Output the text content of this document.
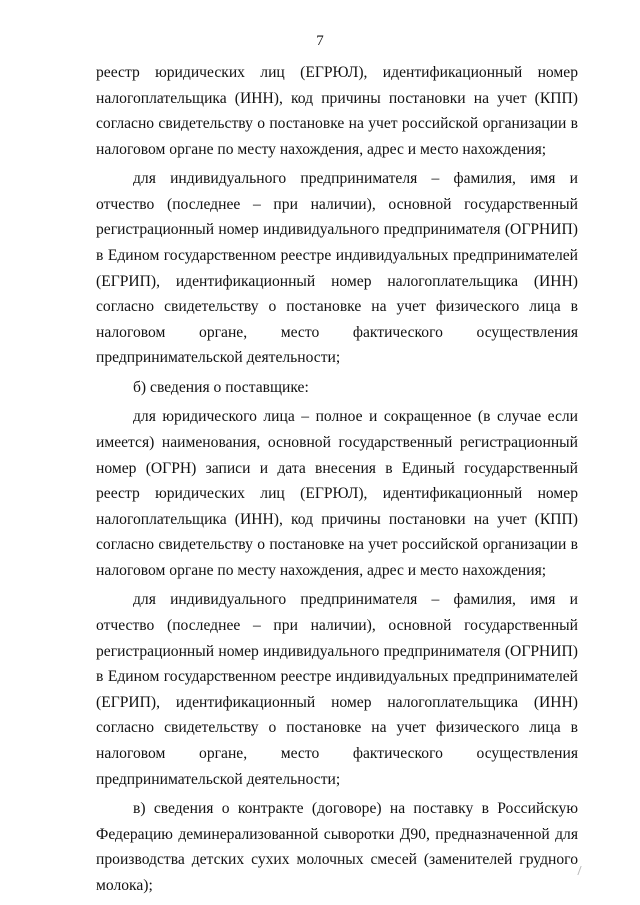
7

реестр юридических лиц (ЕГРЮЛ), идентификационный номер налогоплательщика (ИНН), код причины постановки на учет (КПП) согласно свидетельству о постановке на учет российской организации в налоговом органе по месту нахождения, адрес и место нахождения;

для индивидуального предпринимателя – фамилия, имя и отчество (последнее – при наличии), основной государственный регистрационный номер индивидуального предпринимателя (ОГРНИП) в Едином государственном реестре индивидуальных предпринимателей (ЕГРИП), идентификационный номер налогоплательщика (ИНН) согласно свидетельству о постановке на учет физического лица в налоговом органе, место фактического осуществления предпринимательской деятельности;

б) сведения о поставщике:

для юридического лица – полное и сокращенное (в случае если имеется) наименования, основной государственный регистрационный номер (ОГРН) записи и дата внесения в Единый государственный реестр юридических лиц (ЕГРЮЛ), идентификационный номер налогоплательщика (ИНН), код причины постановки на учет (КПП) согласно свидетельству о постановке на учет российской организации в налоговом органе по месту нахождения, адрес и место нахождения;

для индивидуального предпринимателя – фамилия, имя и отчество (последнее – при наличии), основной государственный регистрационный номер индивидуального предпринимателя (ОГРНИП) в Едином государственном реестре индивидуальных предпринимателей (ЕГРИП), идентификационный номер налогоплательщика (ИНН) согласно свидетельству о постановке на учет физического лица в налоговом органе, место фактического осуществления предпринимательской деятельности;

в) сведения о контракте (договоре) на поставку в Российскую Федерацию деминерализованной сыворотки Д90, предназначенной для производства детских сухих молочных смесей (заменителей грудного молока);
